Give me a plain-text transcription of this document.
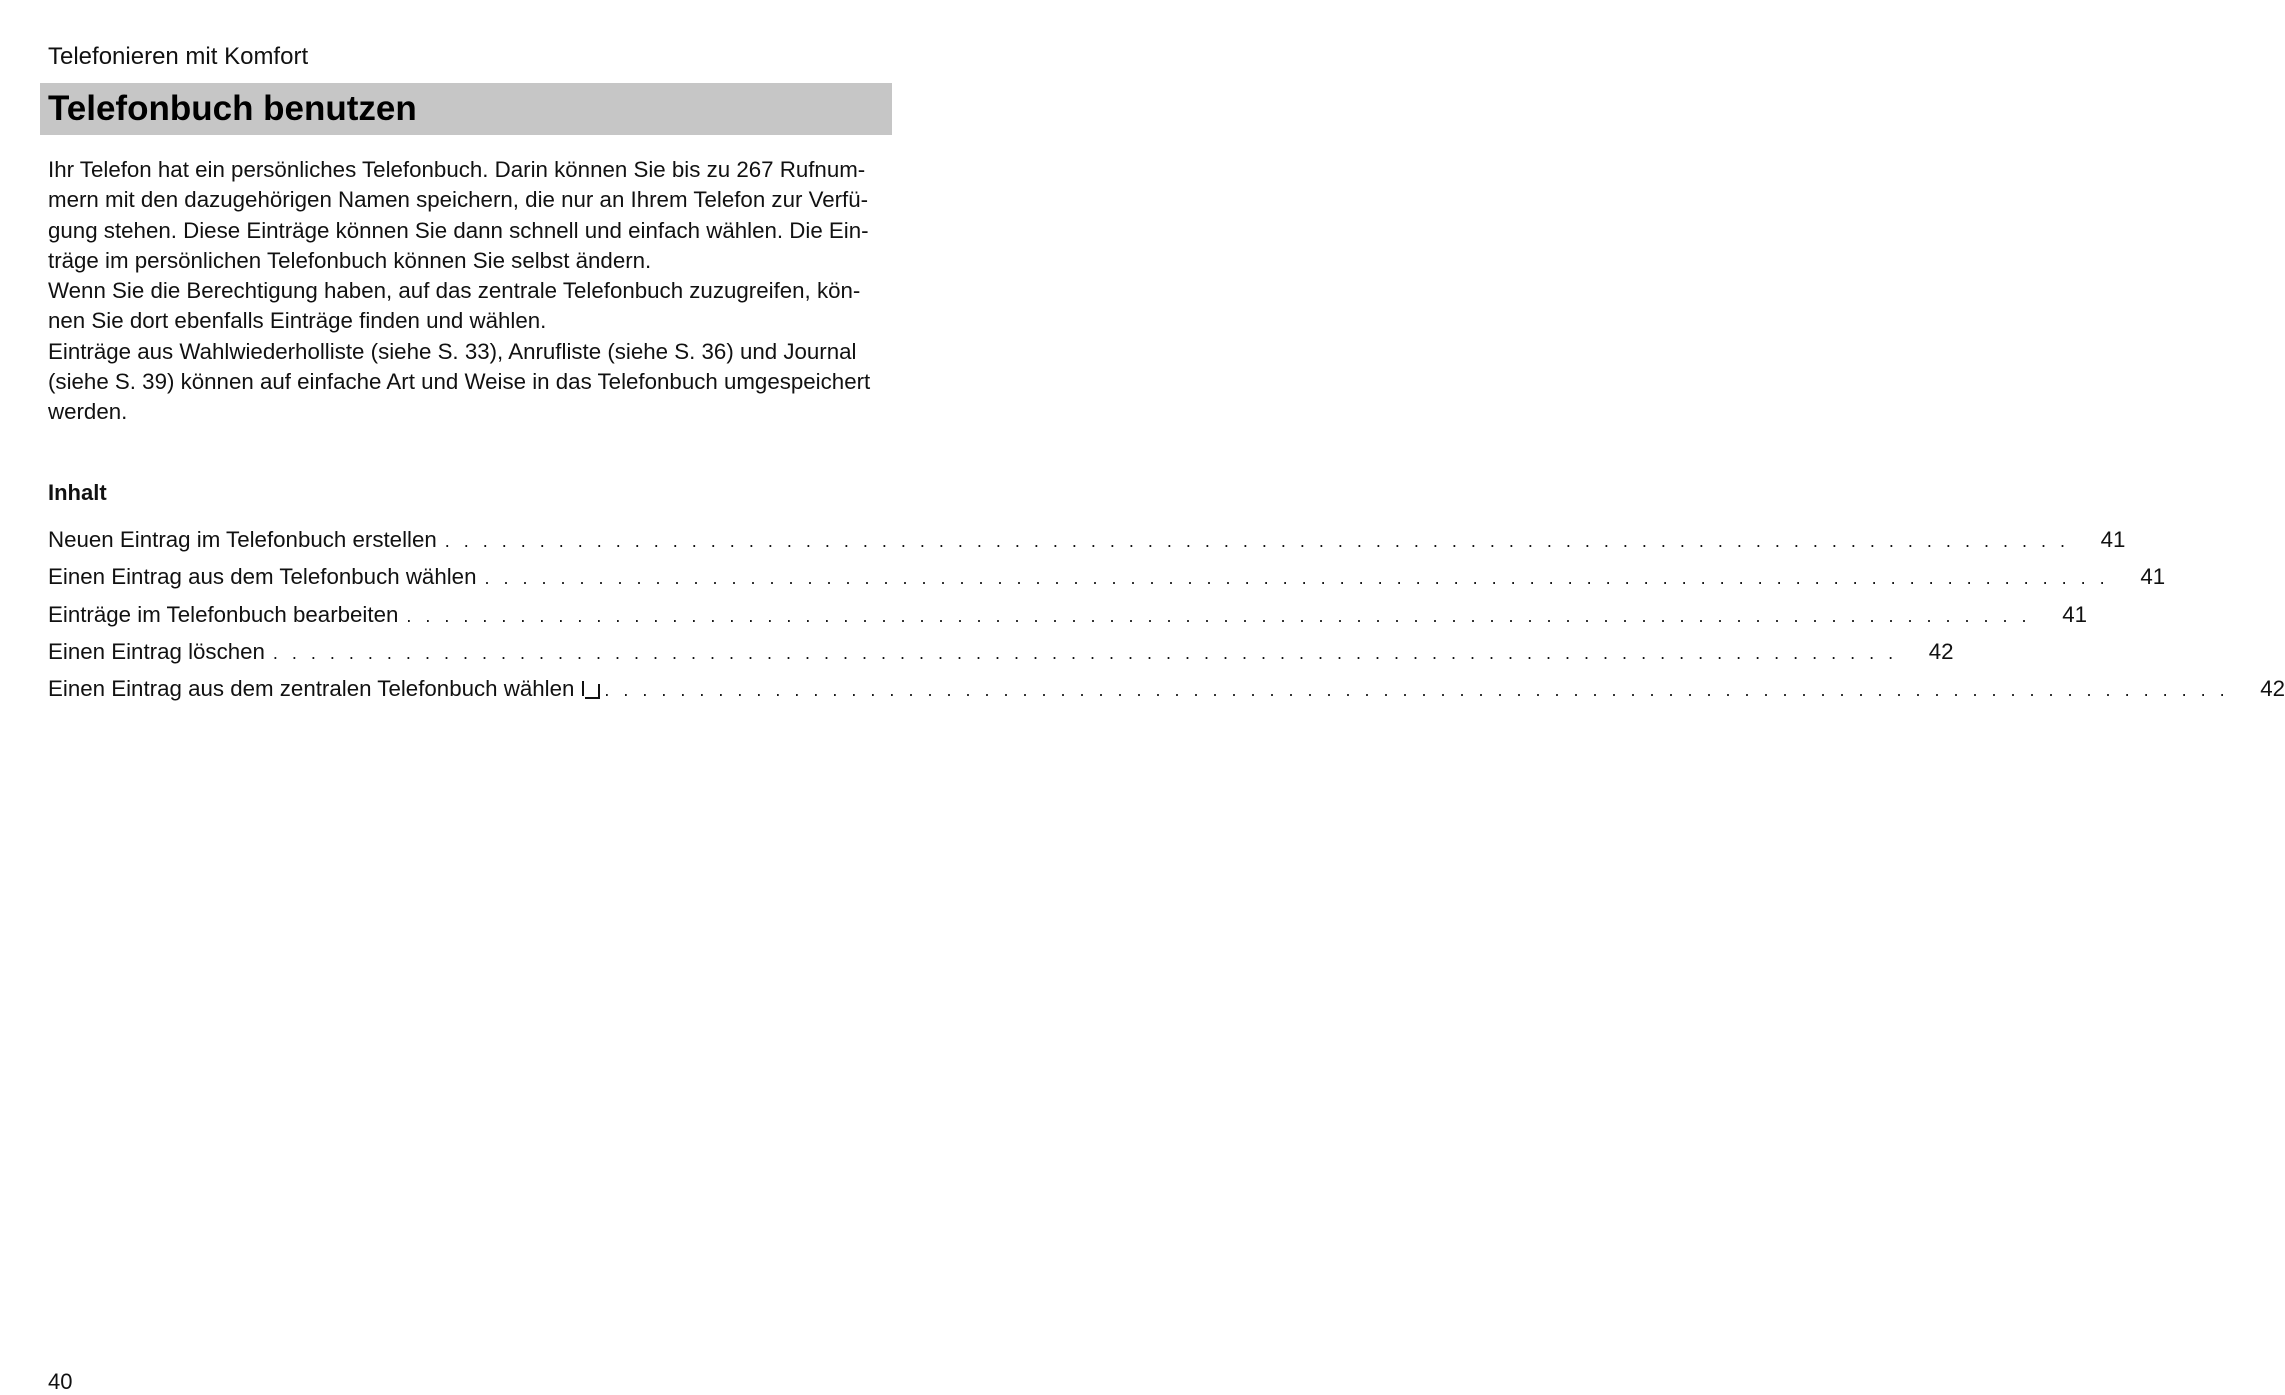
Telefonieren mit Komfort
Telefonbuch benutzen

Ihr Telefon hat ein persönliches Telefonbuch. Darin können Sie bis zu 267 Rufnum-

mern mit den dazugehörigen Namen speichern, die nur an Ihrem Telefon zur Verfü-

gung stehen. Diese Einträge können Sie dann schnell und einfach wählen. Die Ein-

träge im persönlichen Telefonbuch können Sie selbst ändern.

Wenn Sie die Berechtigung haben, auf das zentrale Telefonbuch zuzugreifen, kön-

nen Sie dort ebenfalls Einträge finden und wählen.

Einträge aus Wahlwiederholliste (siehe S. 33), Anrufliste (siehe S. 36) und Journal

(siehe S. 39) können auf einfache Art und Weise in das Telefonbuch umgespeichert

werden.

Inhalt
Neuen Eintrag im Telefonbuch erstellen . . . . . . . . . . . . . . . . . . . . . . . . . . . . . . . . . . . . . . . . . . . . . . . . . . . . . . . . . . . . . . . . . . . . . . . . . . . . . . . . . . . . . . 41
Einen Eintrag aus dem Telefonbuch wählen . . . . . . . . . . . . . . . . . . . . . . . . . . . . . . . . . . . . . . . . . . . . . . . . . . . . . . . . . . . . . . . . . . . . . . . . . . . . . . . . . . . . . . 41
Einträge im Telefonbuch bearbeiten . . . . . . . . . . . . . . . . . . . . . . . . . . . . . . . . . . . . . . . . . . . . . . . . . . . . . . . . . . . . . . . . . . . . . . . . . . . . . . . . . . . . . . 41
Einen Eintrag löschen . . . . . . . . . . . . . . . . . . . . . . . . . . . . . . . . . . . . . . . . . . . . . . . . . . . . . . . . . . . . . . . . . . . . . . . . . . . . . . . . . . . . . . 42
Einen Eintrag aus dem zentralen Telefonbuch wählen . . . . . . . . . . . . . . . . . . . . . . . . . . . . . . . . . . . . . . . . . . . . . . . . . . . . . . . . . . . . . . . . . . . . . . . . . . . . . . . . . . . . . . 42
40
